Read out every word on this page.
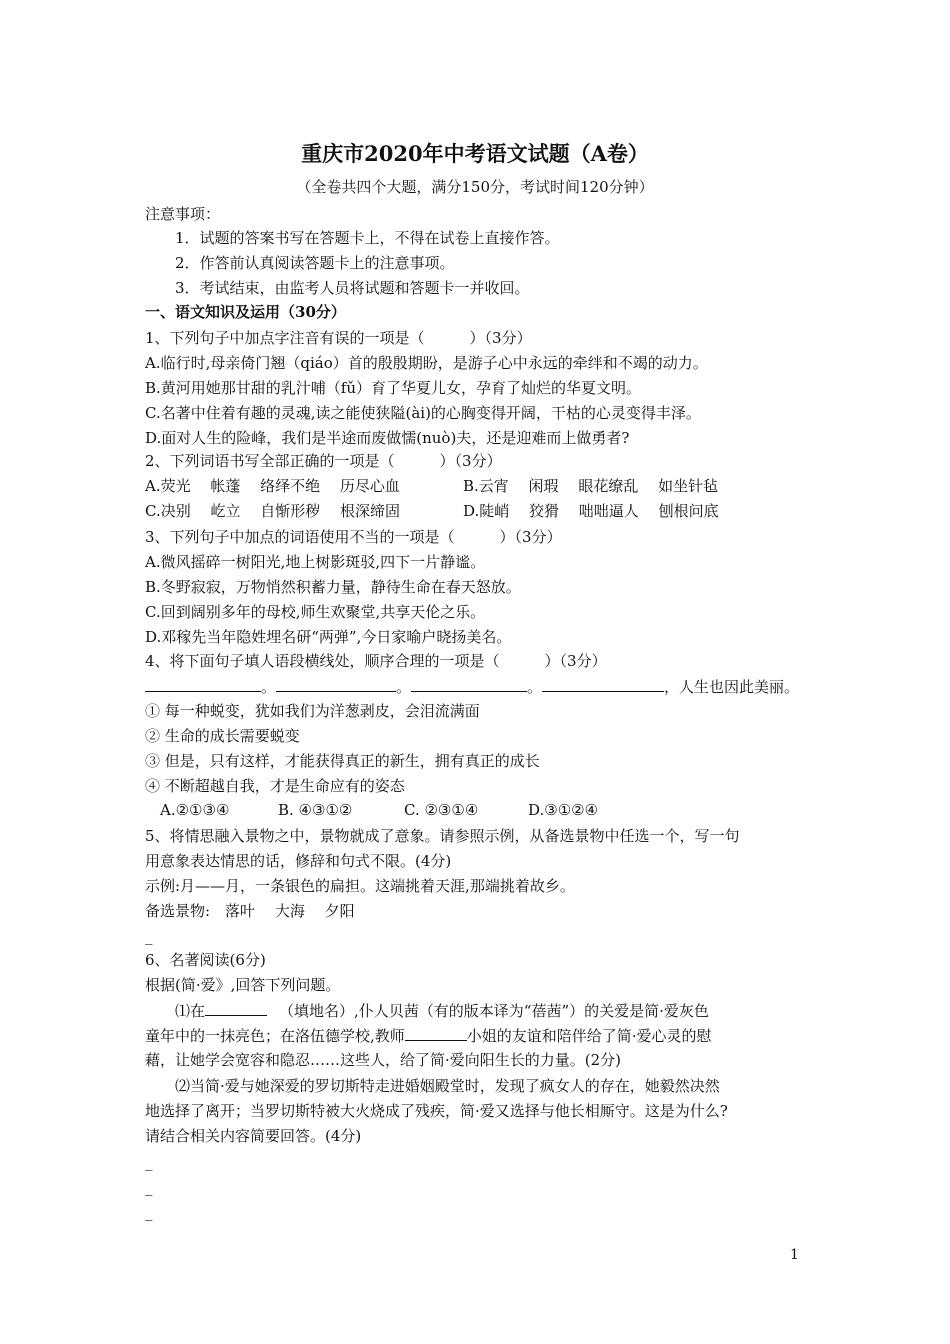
重庆市2020年中考语文试题（A卷）
（全卷共四个大题，满分150分，考试时间120分钟）
注意事项：
1．试题的答案书写在答题卡上，不得在试卷上直接作答。
2．作答前认真阅读答题卡上的注意事项。
3．考试结束，由监考人员将试题和答题卡一并收回。
一、语文知识及运用（30分）
1、下列句子中加点字注音有误的一项是（　　　）（3分）
A.临行时,母亲倚门翘（qiáo）首的殷殷期盼，是游子心中永远的牵绊和不竭的动力。
B.黄河用她那甘甜的乳汁哺（fǔ）育了华夏儿女，孕育了灿烂的华夏文明。
C.名著中住着有趣的灵魂,读之能使狭隘(ài)的心胸变得开阔，干枯的心灵变得丰泽。
D.面对人生的险峰，我们是半途而废做懦(nuò)夫，还是迎难而上做勇者?
2、下列词语书写全部正确的一项是（　　　）（3分）
A.荧光　 帐蓬　 络绎不绝　 历尽心血	B.云宵　 闲瑕　 眼花缭乱　 如坐针毡
C.决别　 屹立　 自惭形秽　 根深缔固	D.陡峭　 狡猾　 咄咄逼人　 刨根问底
3、下列句子中加点的词语使用不当的一项是（　　　）（3分）
A.微风摇碎一树阳光,地上树影斑驳,四下一片静谧。
B.冬野寂寂，万物悄然积蓄力量，静待生命在春天怒放。
C.回到阔别多年的母校,师生欢聚堂,共享天伦之乐。
D.邓稼先当年隐姓埋名研“两弹”,今日家喻户晓扬美名。
4、将下面句子填人语段横线处，顺序合理的一项是（　　　）（3分）
。	。	。	，人生也因此美丽。
① 每一种蜕变，犹如我们为洋葱剥皮，会泪流满面
② 生命的成长需要蜕变
③ 但是，只有这样，才能获得真正的新生，拥有真正的成长
④ 不断超越自我，才是生命应有的姿态
A.②①③④	B. ④③①②	C. ②③①④	D.③①②④
5、将情思融入景物之中，景物就成了意象。请参照示例，从备选景物中任选一个，写一句
用意象表达情思的话，修辞和句式不限。(4分)
示例:月——月，一条银色的扁担。这端挑着天涯,那端挑着故乡。
备选景物:　落叶　 大海　 夕阳
_
6、名著阅读(6分)
根据(简·爱》,回答下列问题。
⑴在	（填地名）,仆人贝茜（有的版本译为“蓓茜”）的关爱是简·爱灰色
童年中的一抹亮色；在洛伍德学校,教师	小姐的友谊和陪伴给了简·爱心灵的慰
藉，让她学会宽容和隐忍……这些人，给了简·爱向阳生长的力量。(2分)
⑵当简·爱与她深爱的罗切斯特走进婚姻殿堂时，发现了疯女人的存在，她毅然决然
地选择了离开；当罗切斯特被大火烧成了残疾，简·爱又选择与他长相厮守。这是为什么?
请结合相关内容简要回答。(4分)
_
_
_
1
